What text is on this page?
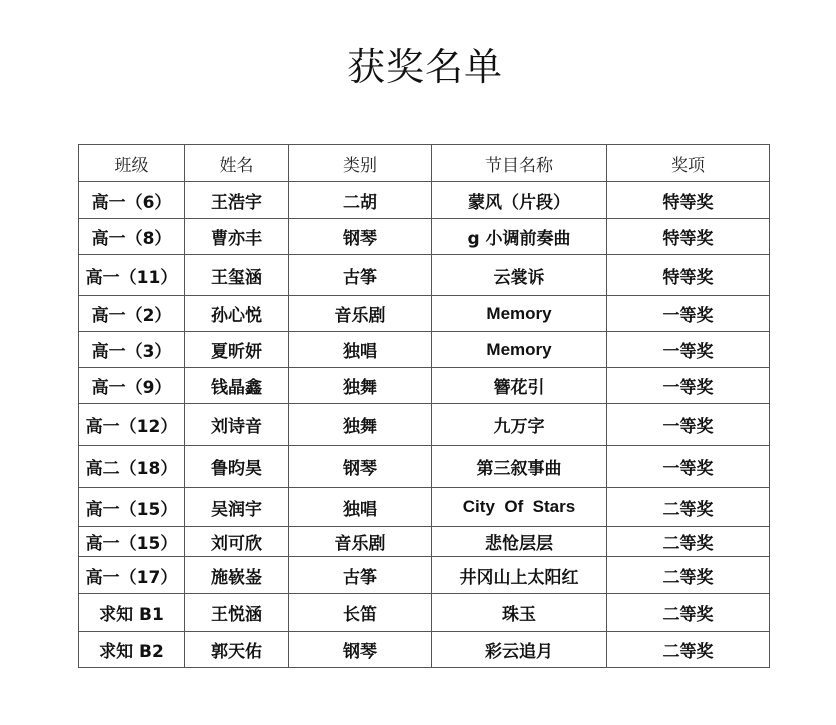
获奖名单
班级	姓名	类别	节目名称	奖项
高一（6）	王浩宇	二胡	蒙风（片段）	特等奖
高一（8）	曹亦丰	钢琴	g 小调前奏曲	特等奖
高一（11）	王玺涵	古筝	云裳诉	特等奖
高一（2）	孙心悦	音乐剧	Memory	一等奖
高一（3）	夏昕妍	独唱	Memory	一等奖
高一（9）	钱晶鑫	独舞	簪花引	一等奖
高一（12）	刘诗音	独舞	九万字	一等奖
高二（18）	鲁昀昊	钢琴	第三叙事曲	一等奖
高一（15）	吴润宇	独唱	City  Of  Stars	二等奖
高一（15）	刘可欣	音乐剧	悲怆层层	二等奖
高一（17）	施嵚崟	古筝	井冈山上太阳红	二等奖
求知 B1	王悦涵	长笛	珠玉	二等奖
求知 B2	郭天佑	钢琴	彩云追月	二等奖
